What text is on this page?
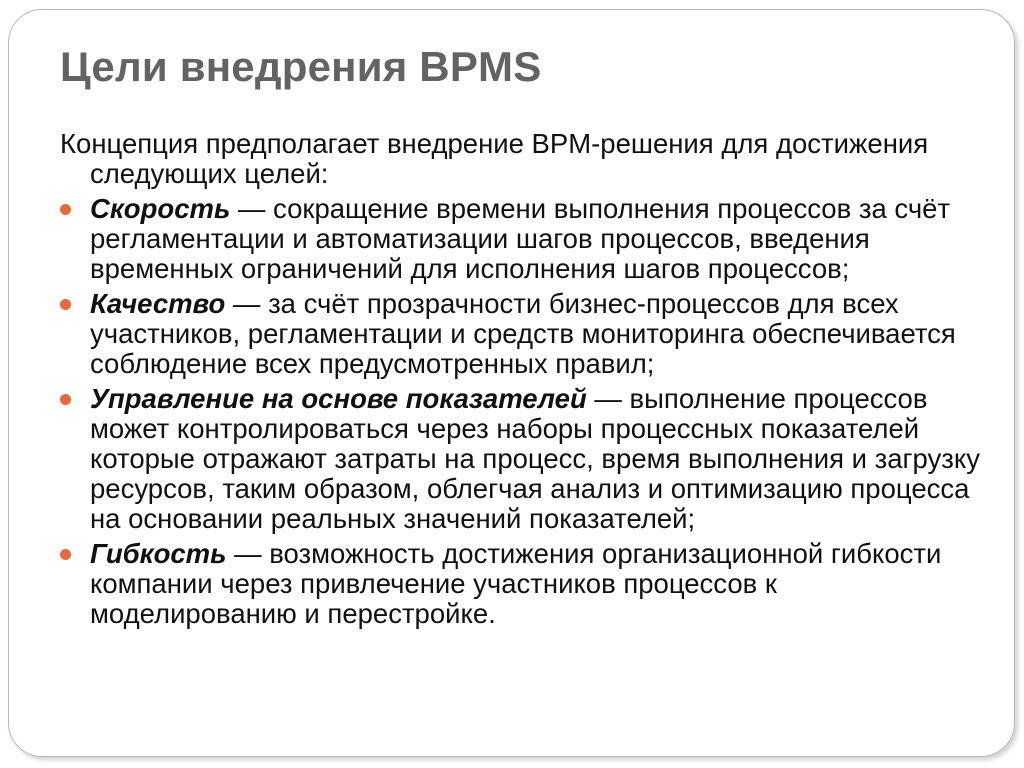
Цели внедрения BPMS

Концепция предполагает внедрение BPM-решения для достижения следующих целей:

Скорость — сокращение времени выполнения процессов за счёт регламентации и автоматизации шагов процессов, введения временных ограничений для исполнения шагов процессов;
Качество — за счёт прозрачности бизнес-процессов для всех участников, регламентации и средств мониторинга обеспечивается соблюдение всех предусмотренных правил;
Управление на основе показателей — выполнение процессов может контролироваться через наборы процессных показателей которые отражают затраты на процесс, время выполнения и загрузку ресурсов, таким образом, облегчая анализ и оптимизацию процесса на основании реальных значений показателей;
Гибкость — возможность достижения организационной гибкости компании через привлечение участников процессов к моделированию и перестройке.
